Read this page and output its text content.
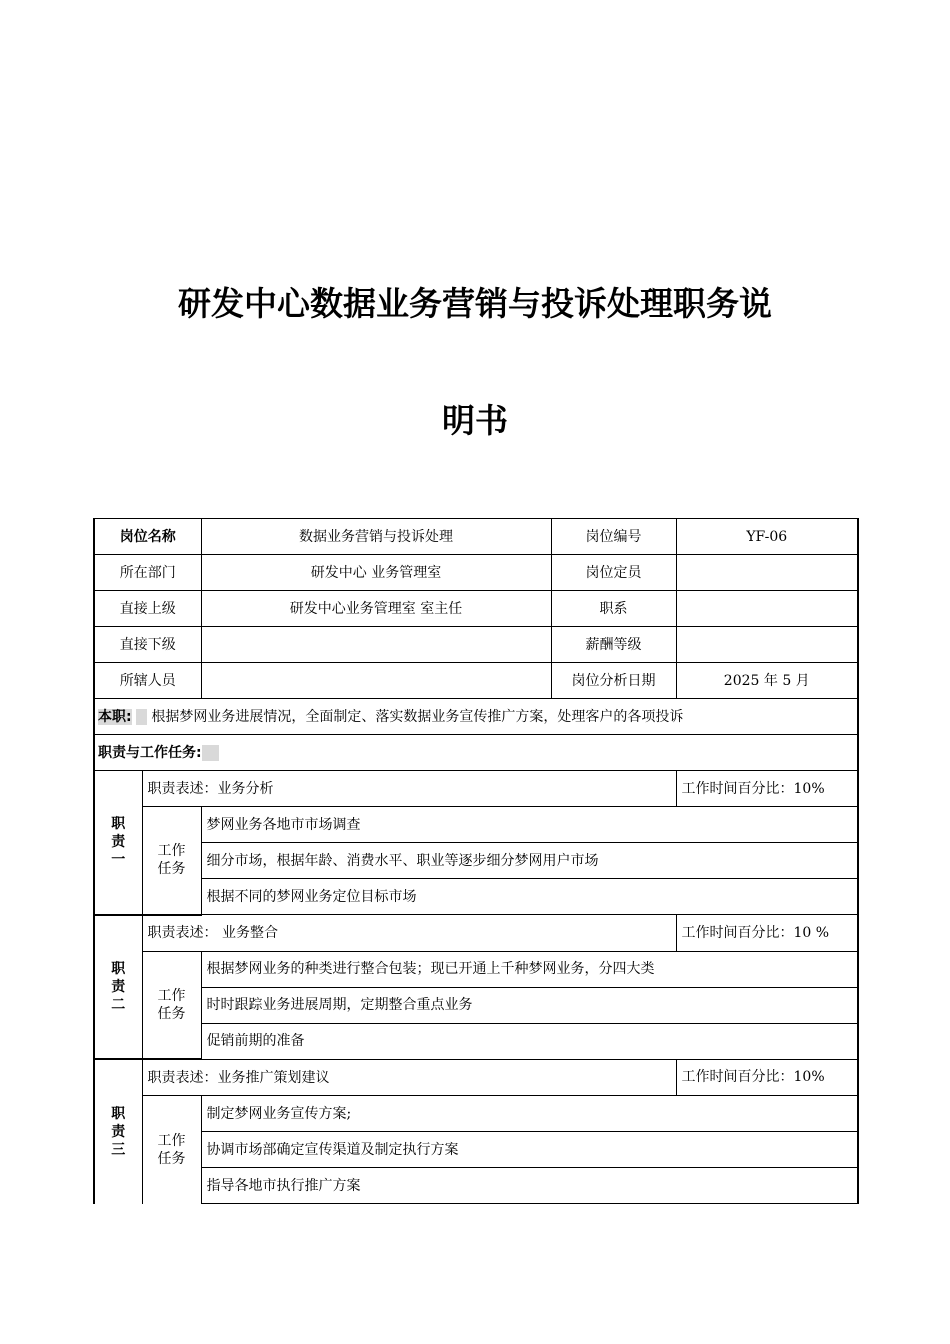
研发中心数据业务营销与投诉处理职务说
明书
岗位名称		数据业务营销与投诉处理	岗位编号	YF-06
所在部门		研发中心 业务管理室	岗位定员	
直接上级		研发中心业务管理室 室主任	职系	
直接下级			薪酬等级	
所辖人员			岗位分析日期	2025 年 5 月
本职: 根据梦网业务进展情况，全面制定、落实数据业务宣传推广方案，处理客户的各项投诉				
职责与工作任务:				
职责一	职责表述：业务分析			工作时间百分比：10%
	工作任务	梦网业务各地市市场调查		
		细分市场，根据年龄、消费水平、职业等逐步细分梦网用户市场		
		根据不同的梦网业务定位目标市场		
职责二	职责表述： 业务整合			工作时间百分比：10 %
	工作任务	根据梦网业务的种类进行整合包装；现已开通上千种梦网业务，分四大类		
		时时跟踪业务进展周期，定期整合重点业务		
		促销前期的准备		
职责三	职责表述：业务推广策划建议			工作时间百分比：10%
	工作任务	制定梦网业务宣传方案;		
		协调市场部确定宣传渠道及制定执行方案		
		指导各地市执行推广方案		
